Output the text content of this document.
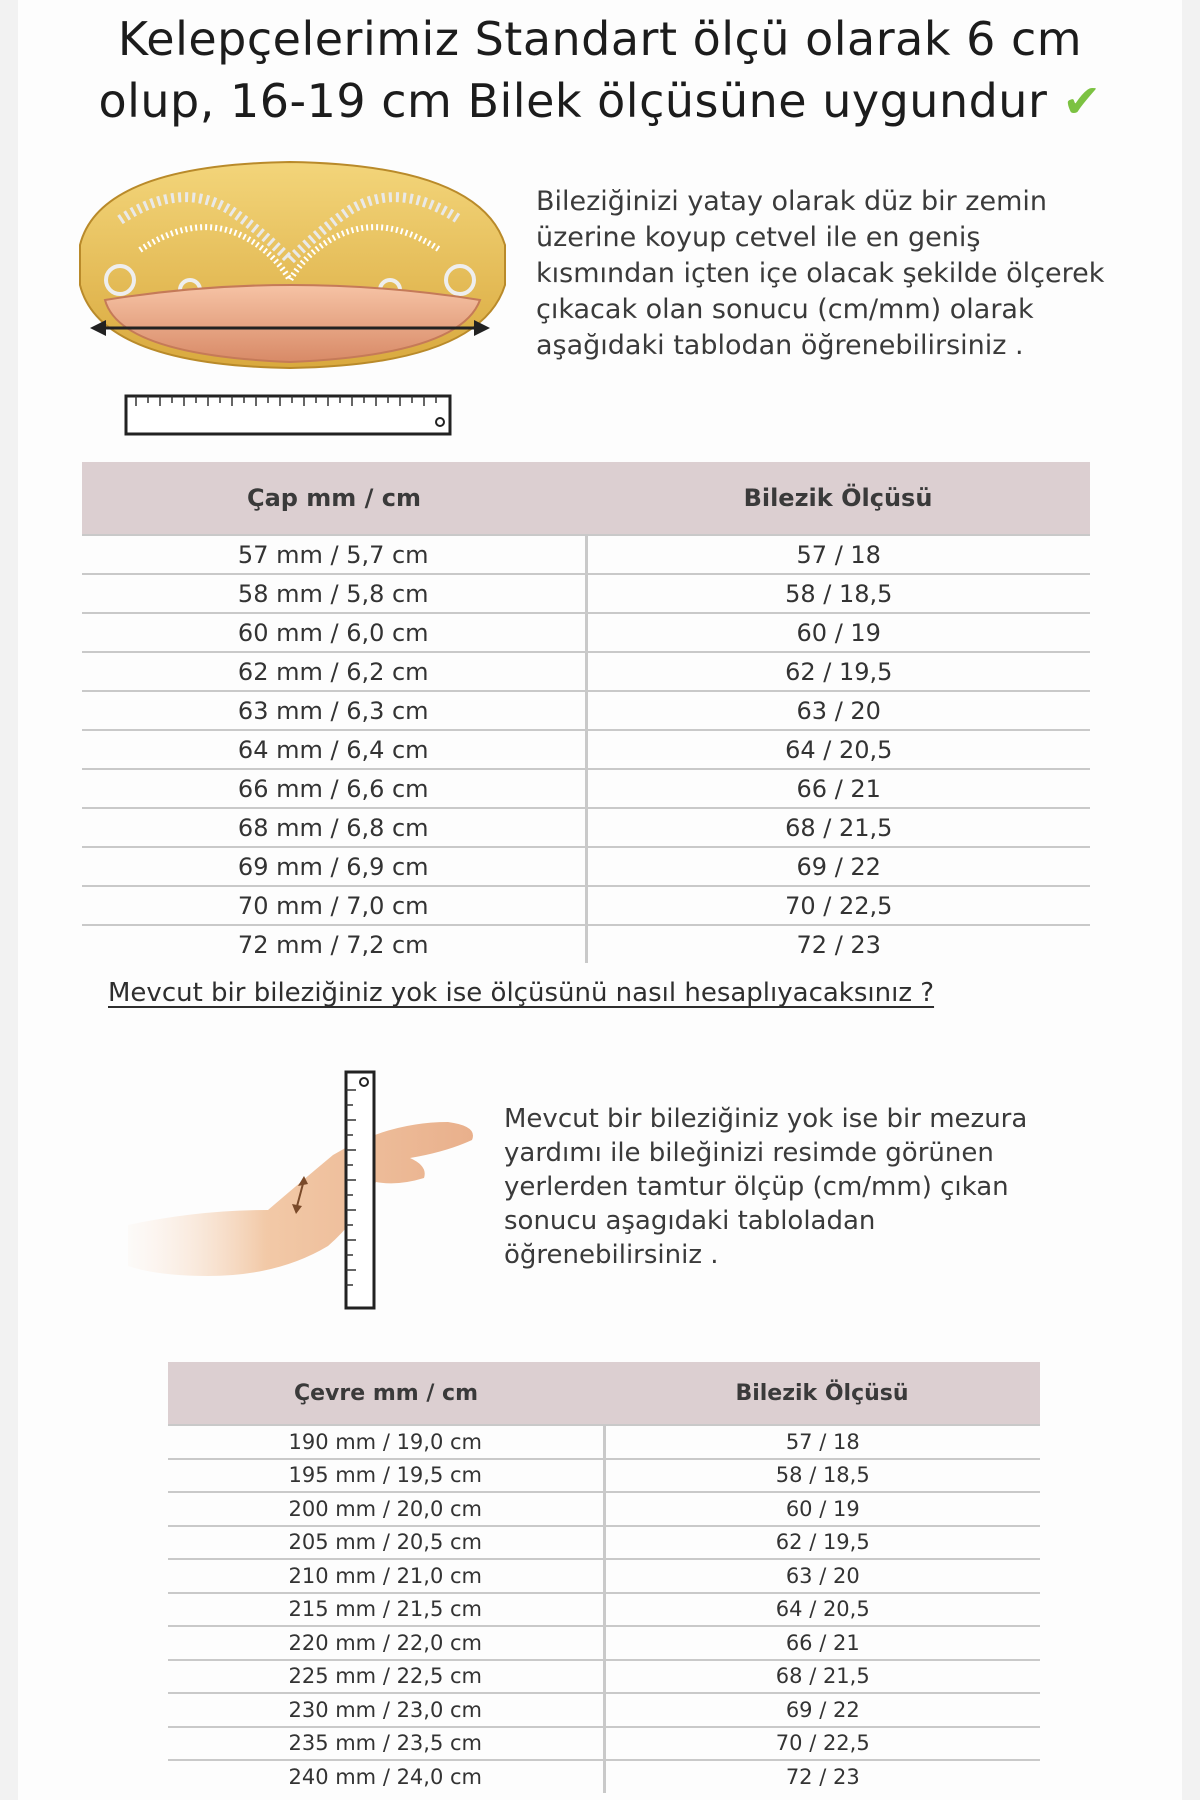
Kelepçelerimiz Standart ölçü olarak 6 cm
olup, 16-19 cm Bilek ölçüsüne uygundur ✔
Bileziğinizi yatay olarak düz bir zemin üzerine koyup cetvel ile en geniş kısmından içten içe olacak şekilde ölçerek çıkacak olan sonucu (cm/mm) olarak aşağıdaki tablodan öğrenebilirsiniz .
Çap mm / cm	Bilezik Ölçüsü
57 mm / 5,7 cm	57 / 18
58 mm / 5,8 cm	58 / 18,5
60 mm / 6,0 cm	60 / 19
62 mm / 6,2 cm	62 / 19,5
63 mm / 6,3 cm	63 / 20
64 mm / 6,4 cm	64 / 20,5
66 mm / 6,6 cm	66 / 21
68 mm / 6,8 cm	68 / 21,5
69 mm / 6,9 cm	69 / 22
70 mm / 7,0 cm	70 / 22,5
72 mm / 7,2 cm	72 / 23
Mevcut bir bileziğiniz yok ise ölçüsünü nasıl hesaplıyacaksınız ?
Mevcut bir bileziğiniz yok ise bir mezura yardımı ile bileğinizi resimde görünen yerlerden tamtur ölçüp (cm/mm) çıkan sonucu aşagıdaki tabloladan öğrenebilirsiniz .
Çevre mm / cm	Bilezik Ölçüsü
190 mm / 19,0 cm	57 / 18
195 mm / 19,5 cm	58 / 18,5
200 mm / 20,0 cm	60 / 19
205 mm / 20,5 cm	62 / 19,5
210 mm / 21,0 cm	63 / 20
215 mm / 21,5 cm	64 / 20,5
220 mm / 22,0 cm	66 / 21
225 mm / 22,5 cm	68 / 21,5
230 mm / 23,0 cm	69 / 22
235 mm / 23,5 cm	70 / 22,5
240 mm / 24,0 cm	72 / 23
